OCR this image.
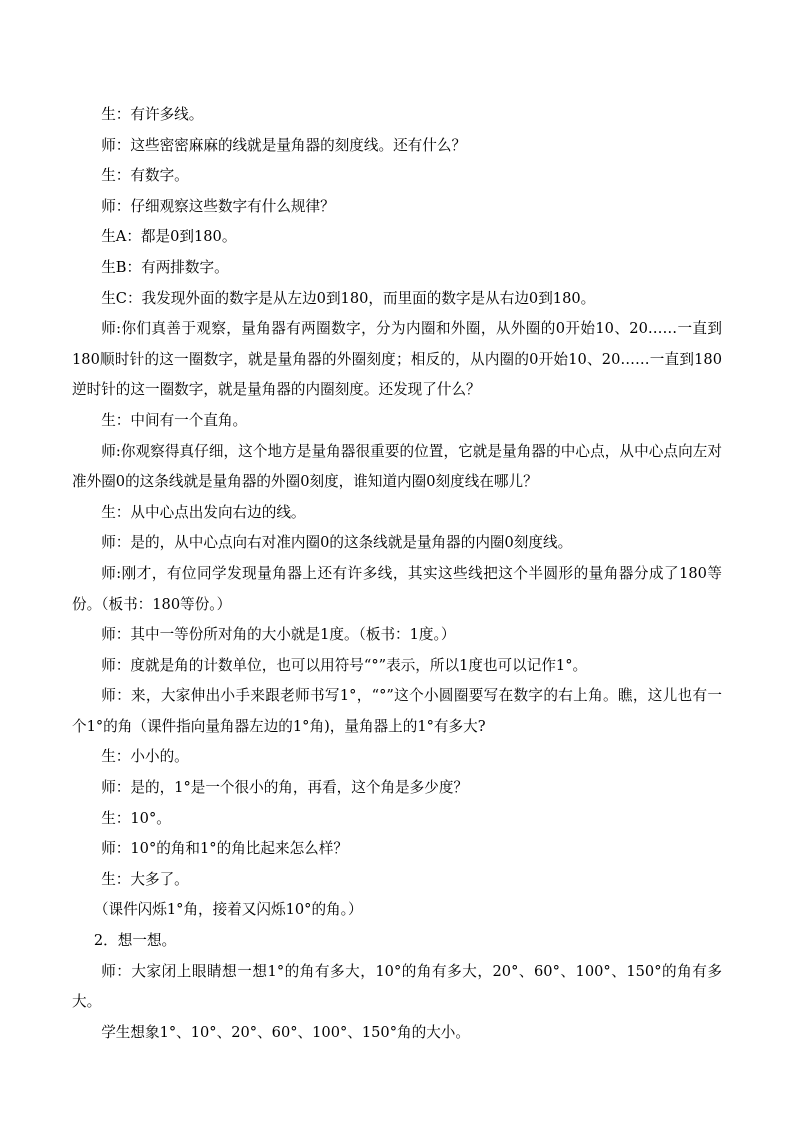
生：有许多线。
师：这些密密麻麻的线就是量角器的刻度线。还有什么？
生：有数字。
师：仔细观察这些数字有什么规律？
生A：都是0到180。
生B：有两排数字。
生C：我发现外面的数字是从左边0到180，而里面的数字是从右边0到180。
师:你们真善于观察，量角器有两圈数字，分为内圈和外圈，从外圈的0开始10、20……一直到180顺时针的这一圈数字，就是量角器的外圈刻度；相反的，从内圈的0开始10、20……一直到180逆时针的这一圈数字，就是量角器的内圈刻度。还发现了什么？
生：中间有一个直角。
师:你观察得真仔细，这个地方是量角器很重要的位置，它就是量角器的中心点，从中心点向左对准外圈0的这条线就是量角器的外圈0刻度，谁知道内圈0刻度线在哪儿？
生：从中心点出发向右边的线。
师：是的，从中心点向右对准内圈0的这条线就是量角器的内圈0刻度线。
师:刚才，有位同学发现量角器上还有许多线，其实这些线把这个半圆形的量角器分成了180等份。（板书：180等份。）
师：其中一等份所对角的大小就是1度。（板书：1度。）
师：度就是角的计数单位，也可以用符号“°”表示，所以1度也可以记作1°。
师：来，大家伸出小手来跟老师书写1°，“°”这个小圆圈要写在数字的右上角。瞧，这儿也有一个1°的角（课件指向量角器左边的1°角)，量角器上的1°有多大?
生：小小的。
师：是的，1°是一个很小的角，再看，这个角是多少度？
生：10°。
师：10°的角和1°的角比起来怎么样？
生：大多了。
（课件闪烁1°角，接着又闪烁10°的角。）
2．想一想。
师：大家闭上眼睛想一想1°的角有多大，10°的角有多大，20°、60°、100°、150°的角有多大。
学生想象1°、10°、20°、60°、100°、150°角的大小。
